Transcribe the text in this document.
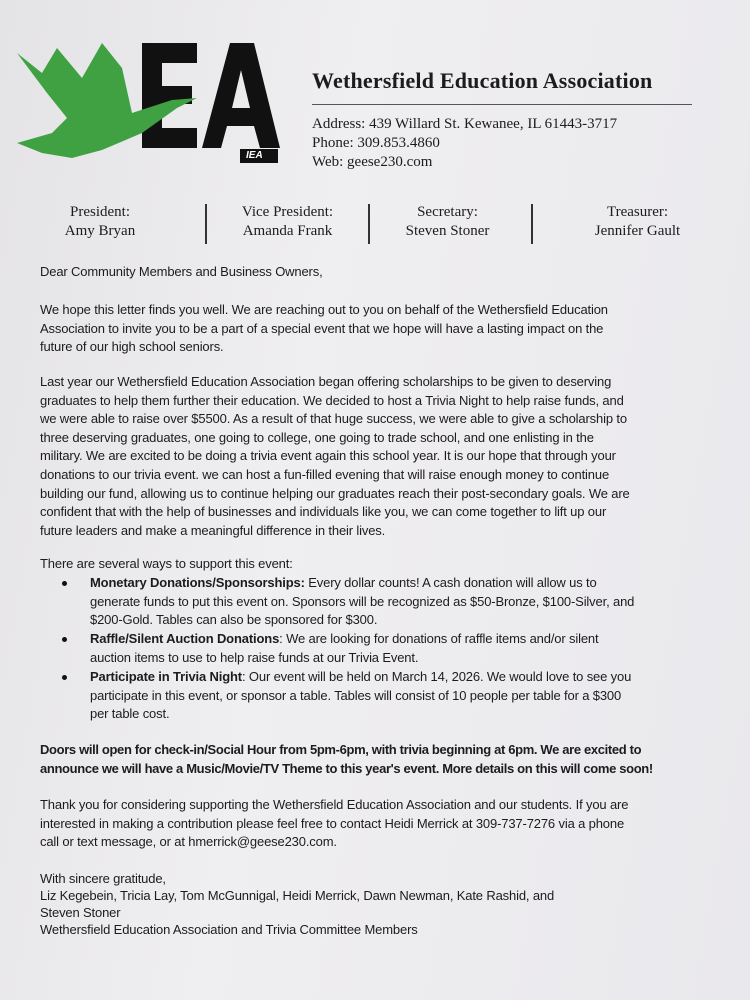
IEA
Wethersfield Education Association
Address: 439 Willard St. Kewanee, IL 61443-3717
Phone: 309.853.4860
Web: geese230.com
President:
Amy Bryan
Vice President:
Amanda Frank
Secretary:
Steven Stoner
Treasurer:
Jennifer Gault
Dear Community Members and Business Owners,
We hope this letter finds you well. We are reaching out to you on behalf of the Wethersfield Education
Association to invite you to be a part of a special event that we hope will have a lasting impact on the
future of our high school seniors.
Last year our Wethersfield Education Association began offering scholarships to be given to deserving
graduates to help them further their education. We decided to host a Trivia Night to help raise funds, and
we were able to raise over $5500. As a result of that huge success, we were able to give a scholarship to
three deserving graduates, one going to college, one going to trade school, and one enlisting in the
military. We are excited to be doing a trivia event again this school year. It is our hope that through your
donations to our trivia event. we can host a fun-filled evening that will raise enough money to continue
building our fund, allowing us to continue helping our graduates reach their post-secondary goals. We are
confident that with the help of businesses and individuals like you, we can come together to lift up our
future leaders and make a meaningful difference in their lives.
There are several ways to support this event:
Monetary Donations/Sponsorships: Every dollar counts! A cash donation will allow us to
generate funds to put this event on. Sponsors will be recognized as $50-Bronze, $100-Silver, and
$200-Gold. Tables can also be sponsored for $300.
Raffle/Silent Auction Donations: We are looking for donations of raffle items and/or silent
auction items to use to help raise funds at our Trivia Event.
Participate in Trivia Night: Our event will be held on March 14, 2026. We would love to see you
participate in this event, or sponsor a table. Tables will consist of 10 people per table for a $300
per table cost.
Doors will open for check-in/Social Hour from 5pm-6pm, with trivia beginning at 6pm. We are excited to
announce we will have a Music/Movie/TV Theme to this year's event. More details on this will come soon!
Thank you for considering supporting the Wethersfield Education Association and our students. If you are
interested in making a contribution please feel free to contact Heidi Merrick at 309-737-7276 via a phone
call or text message, or at hmerrick@geese230.com.
With sincere gratitude,
Liz Kegebein, Tricia Lay, Tom McGunnigal, Heidi Merrick, Dawn Newman, Kate Rashid, and
Steven Stoner
Wethersfield Education Association and Trivia Committee Members
